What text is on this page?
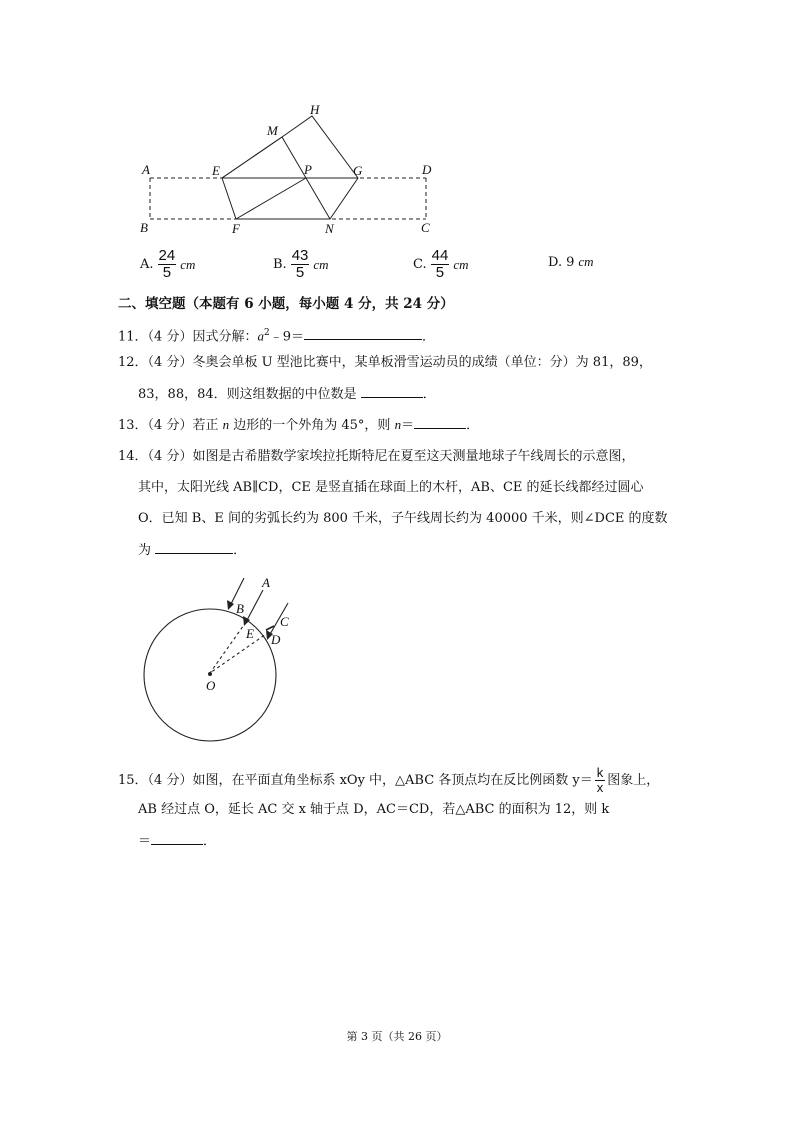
A
B	C
D
E
F
G
H
M
N
P
A. $\frac{24}{5}$ cm	B. $\frac{43}{5}$ cm	C. $\frac{44}{5}$ cm	D. 9 cm
二、填空题（本题有 6 小题，每小题 4 分，共 24 分）
11．（4 分）因式分解：$a^2﹣9=$	．
12．（4 分）冬奥会单板 U 型池比赛中，某单板滑雪运动员的成绩（单位：分）为 81，89，
83，88，84．则这组数据的中位数是	．
13．（4 分）若正 n 边形的一个外角为 45°，则 n＝	．
14．（4 分）如图是古希腊数学家埃拉托斯特尼在夏至这天测量地球子午线周长的示意图，
其中，太阳光线 AB∥CD，CE 是竖直插在球面上的木杆，AB、CE 的延长线都经过圆心
O．已知 B、E 间的劣弧长约为 800 千米，子午线周长约为 40000 千米，则∠DCE 的度数
为	．
A
B
C
D
E
O
15．（4 分）如图，在平面直角坐标系 xOy 中，△ABC 各顶点均在反比例函数 $y= \frac{k}{x}$ 图象上，
AB 经过点 O，延长 AC 交 x 轴于点 D，AC＝CD，若△ABC 的面积为 12，则 k
＝	．
第 3 页（共 26 页）
